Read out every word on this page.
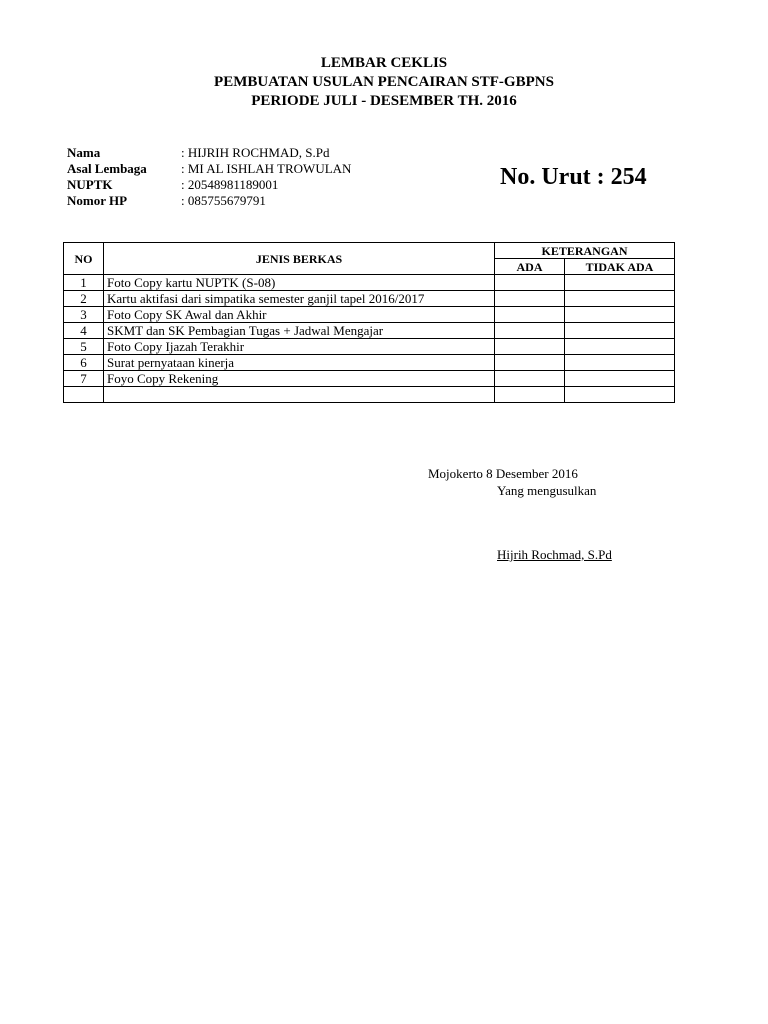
LEMBAR CEKLIS
PEMBUATAN USULAN PENCAIRAN STF-GBPNS
PERIODE JULI - DESEMBER TH. 2016
Nama	: HIJRIH ROCHMAD, S.Pd
Asal Lembaga	: MI AL ISHLAH TROWULAN
NUPTK	: 20548981189001
Nomor HP	: 085755679791
No. Urut : 254
NO	JENIS BERKAS	KETERANGAN	
		ADA	TIDAK ADA
1	Foto Copy kartu NUPTK (S-08)		
2	Kartu aktifasi dari simpatika semester ganjil tapel 2016/2017		
3	Foto Copy SK Awal dan Akhir		
4	SKMT dan SK Pembagian Tugas + Jadwal Mengajar		
5	Foto Copy Ijazah Terakhir		
6	Surat pernyataan kinerja		
7	Foyo Copy Rekening		

Mojokerto 8 Desember 2016
Yang mengusulkan
Hijrih Rochmad, S.Pd
